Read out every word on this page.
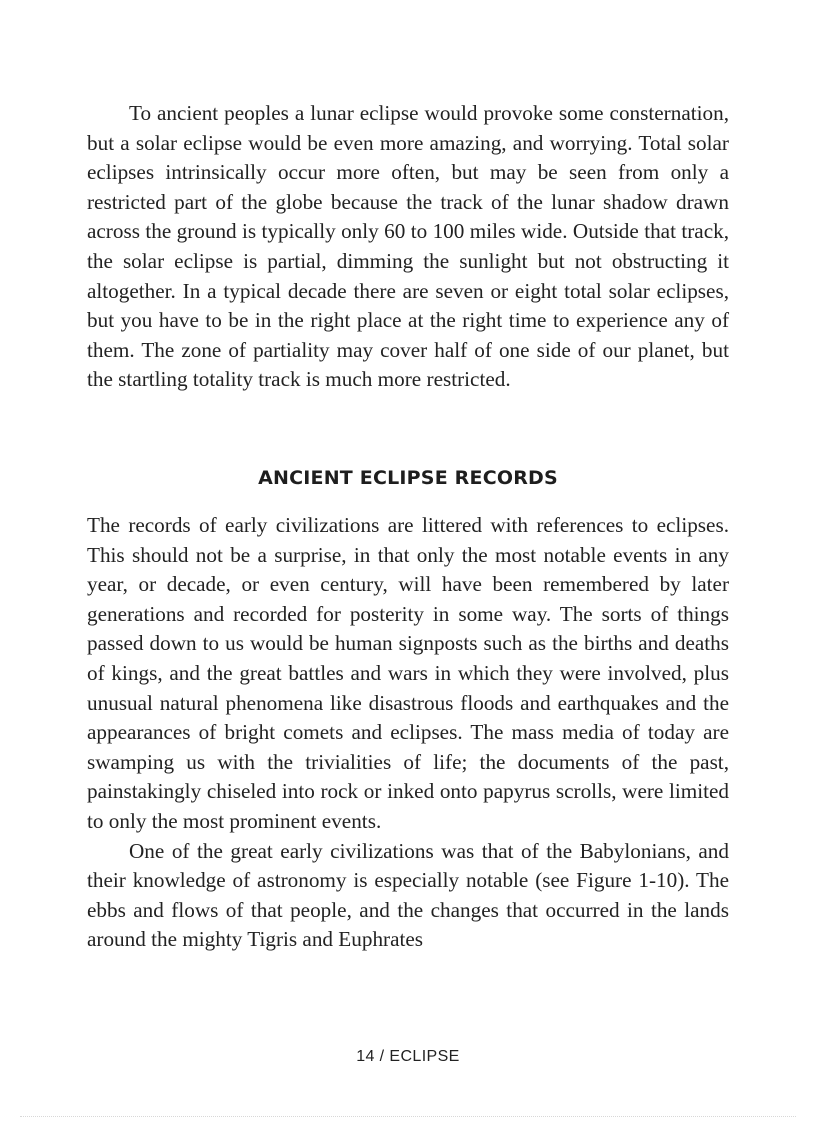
To ancient peoples a lunar eclipse would provoke some consternation, but a solar eclipse would be even more amazing, and worrying. Total solar eclipses intrinsically occur more often, but may be seen from only a restricted part of the globe because the track of the lunar shadow drawn across the ground is typically only 60 to 100 miles wide. Outside that track, the solar eclipse is partial, dimming the sunlight but not obstructing it altogether. In a typical decade there are seven or eight total solar eclipses, but you have to be in the right place at the right time to experience any of them. The zone of partiality may cover half of one side of our planet, but the startling totality track is much more restricted.

ANCIENT ECLIPSE RECORDS

The records of early civilizations are littered with references to eclipses. This should not be a surprise, in that only the most notable events in any year, or decade, or even century, will have been remembered by later generations and recorded for posterity in some way. The sorts of things passed down to us would be human signposts such as the births and deaths of kings, and the great battles and wars in which they were involved, plus unusual natural phenomena like disastrous floods and earthquakes and the appearances of bright comets and eclipses. The mass media of today are swamping us with the trivialities of life; the documents of the past, painstakingly chiseled into rock or inked onto papyrus scrolls, were limited to only the most prominent events.

One of the great early civilizations was that of the Babylonians, and their knowledge of astronomy is especially notable (see Figure 1-10). The ebbs and flows of that people, and the changes that occurred in the lands around the mighty Tigris and Euphrates

14 / ECLIPSE
